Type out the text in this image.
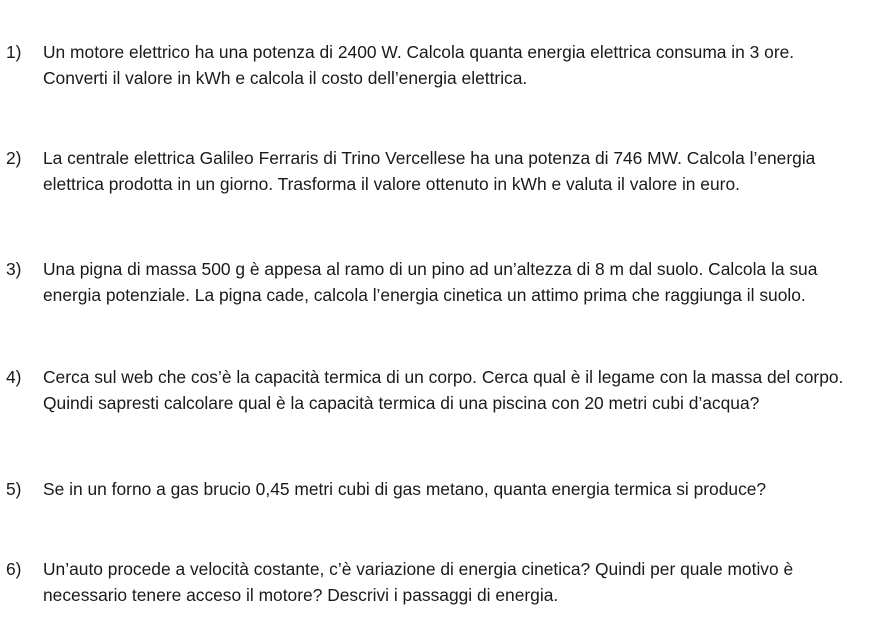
1)	Un motore elettrico ha una potenza di 2400 W. Calcola quanta energia elettrica consuma in 3 ore.
Converti il valore in kWh e calcola il costo dell’energia elettrica.
2)	La centrale elettrica Galileo Ferraris di Trino Vercellese ha una potenza di 746 MW. Calcola l’energia
elettrica prodotta in un giorno. Trasforma il valore ottenuto in kWh e valuta il valore in euro.
3)	Una pigna di massa 500 g è appesa al ramo di un pino ad un’altezza di 8 m dal suolo. Calcola la sua
energia potenziale. La pigna cade, calcola l’energia cinetica un attimo prima che raggiunga il suolo.
4)	Cerca sul web che cos’è la capacità termica di un corpo. Cerca qual è il legame con la massa del corpo.
Quindi sapresti calcolare qual è la capacità termica di una piscina con 20 metri cubi d’acqua?
5)	Se in un forno a gas brucio 0,45 metri cubi di gas metano, quanta energia termica si produce?
6)	Un’auto procede a velocità costante, c’è variazione di energia cinetica? Quindi per quale motivo è
necessario tenere acceso il motore? Descrivi i passaggi di energia.
